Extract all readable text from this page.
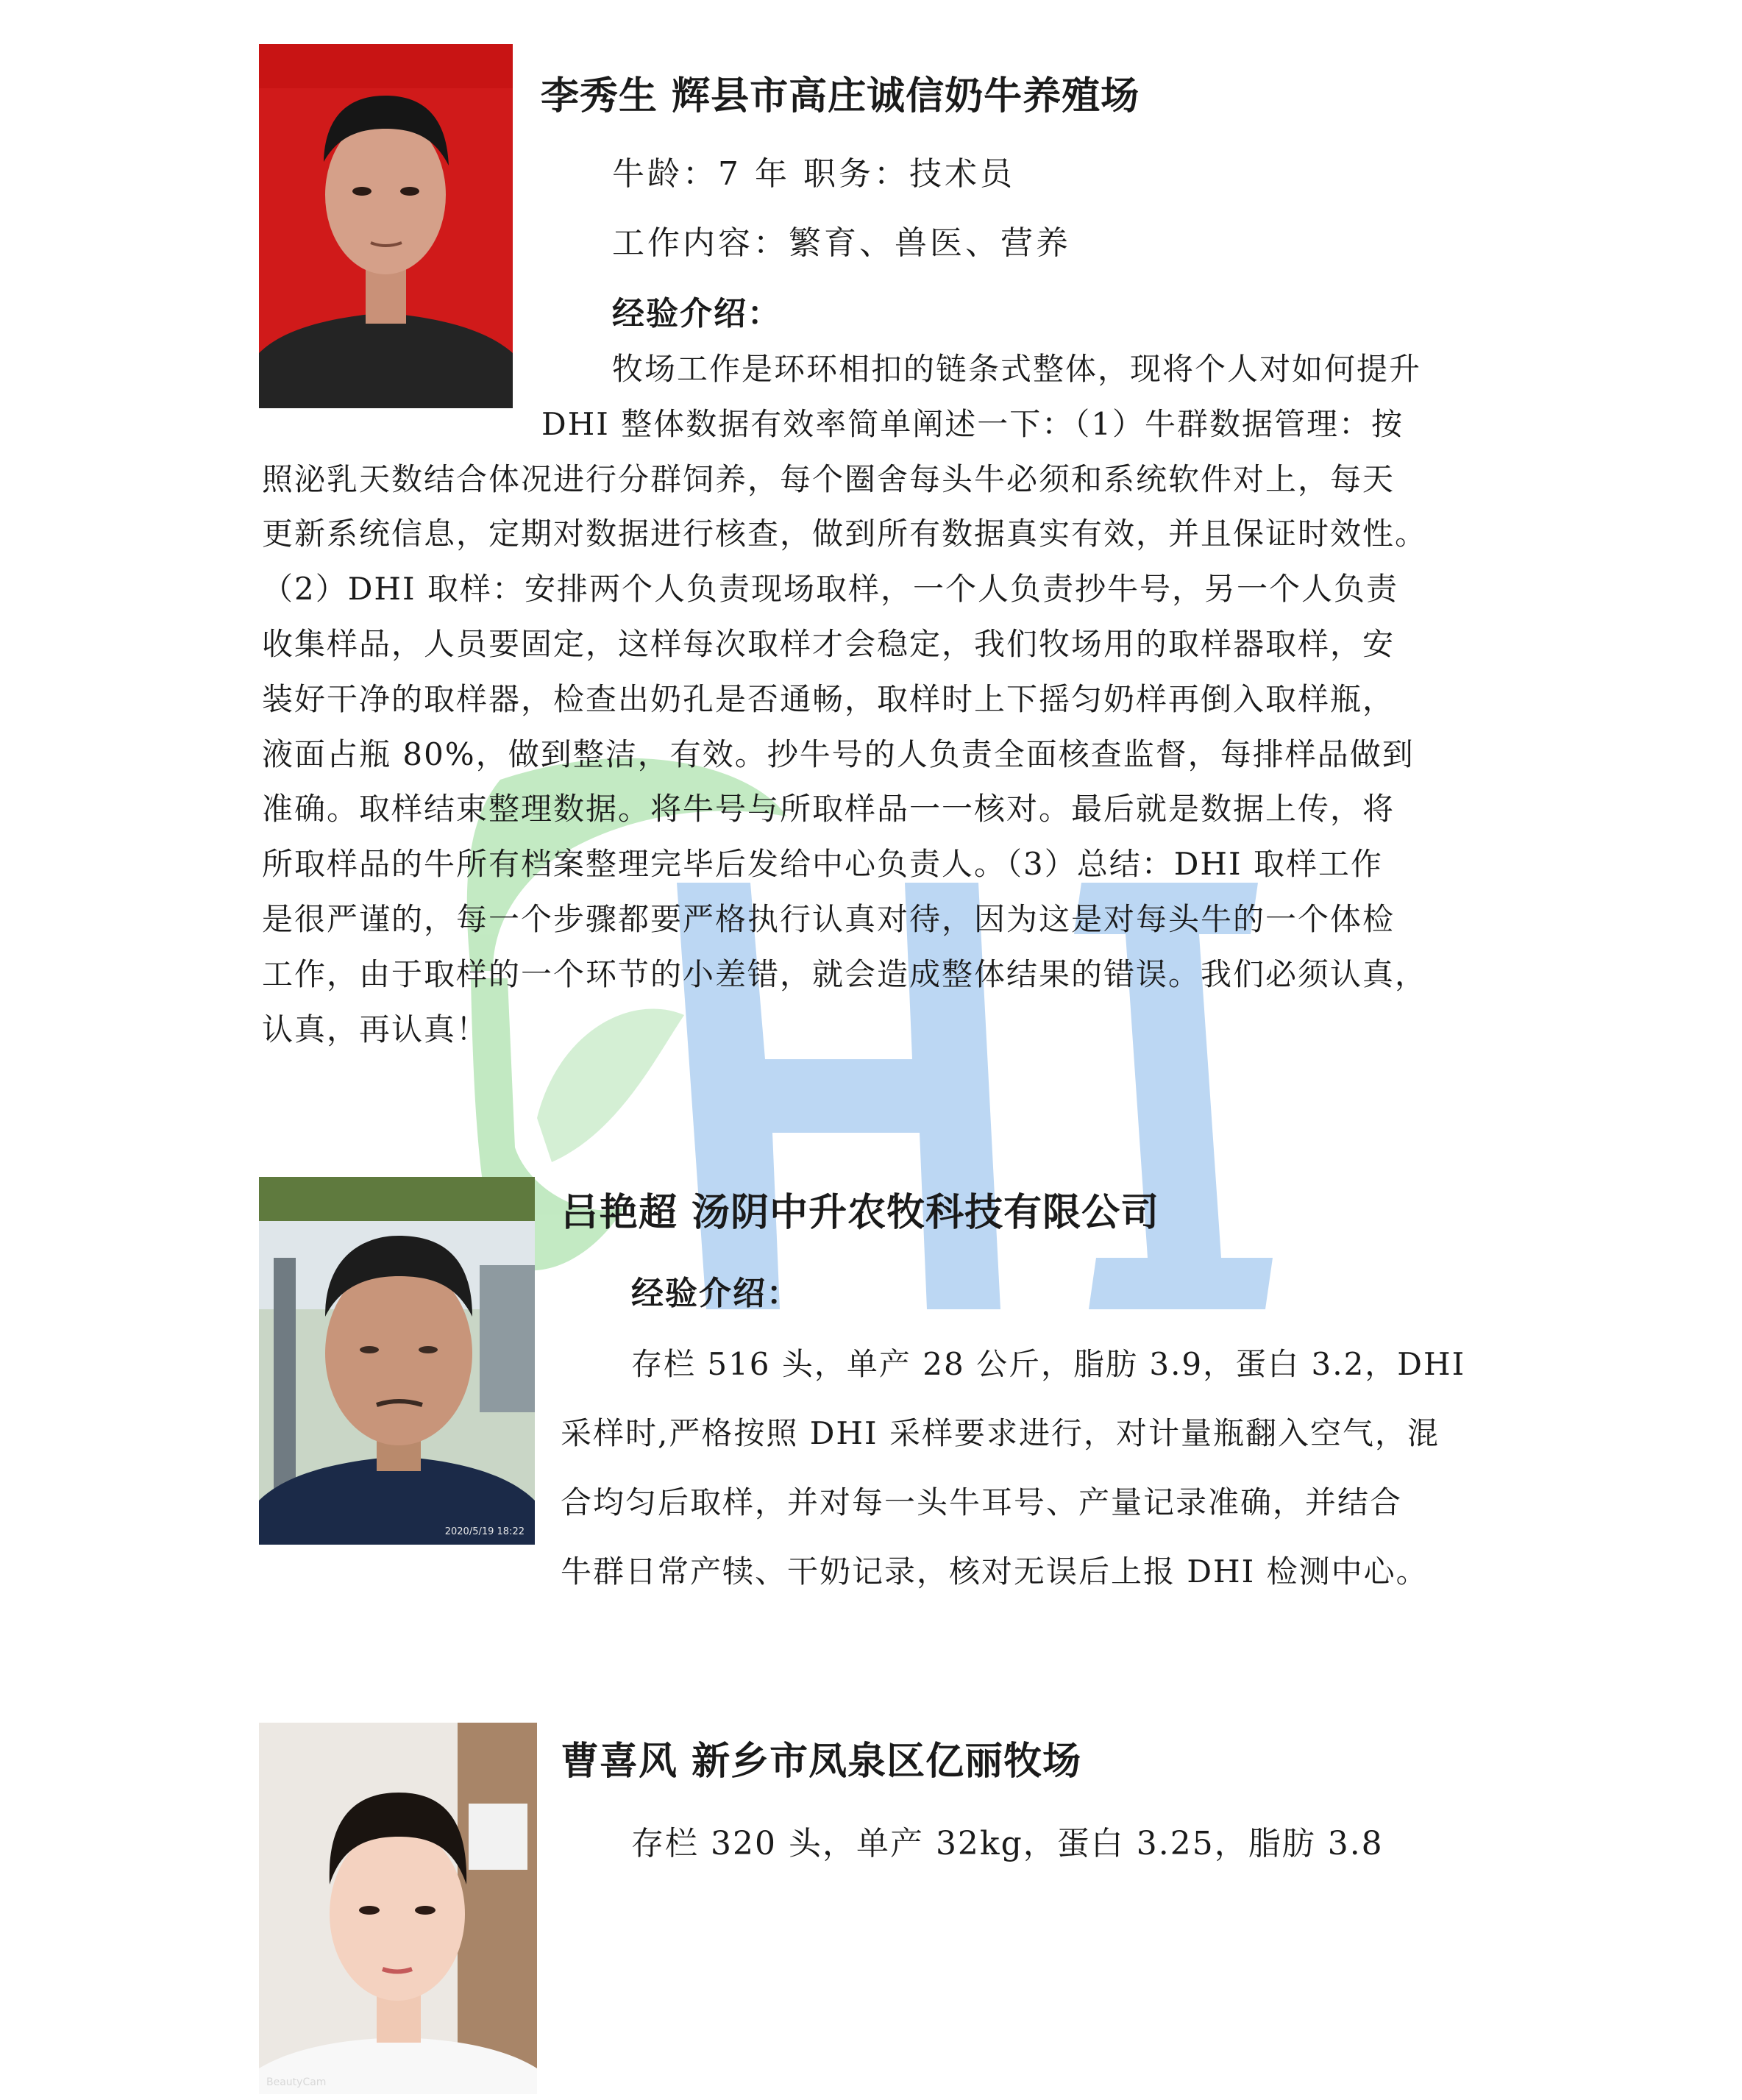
李秀生 辉县市高庄诚信奶牛养殖场

牛龄：7 年 职务：技术员

工作内容：繁育、兽医、营养

经验介绍：

牧场工作是环环相扣的链条式整体，现将个人对如何提升
DHI 整体数据有效率简单阐述一下：（1）牛群数据管理：按
照泌乳天数结合体况进行分群饲养，每个圈舍每头牛必须和系统软件对上，每天
更新系统信息，定期对数据进行核查，做到所有数据真实有效，并且保证时效性。
（2）DHI 取样：安排两个人负责现场取样，一个人负责抄牛号，另一个人负责
收集样品，人员要固定，这样每次取样才会稳定，我们牧场用的取样器取样，安
装好干净的取样器，检查出奶孔是否通畅，取样时上下摇匀奶样再倒入取样瓶，
液面占瓶 80%，做到整洁，有效。抄牛号的人负责全面核查监督，每排样品做到
准确。取样结束整理数据。将牛号与所取样品一一核对。最后就是数据上传，将
所取样品的牛所有档案整理完毕后发给中心负责人。（3）总结：DHI 取样工作
是很严谨的，每一个步骤都要严格执行认真对待，因为这是对每头牛的一个体检
工作，由于取样的一个环节的小差错，就会造成整体结果的错误。我们必须认真，
认真，再认真！
2020/5/19 18:22
吕艳超 汤阴中升农牧科技有限公司

经验介绍：

存栏 516 头，单产 28 公斤，脂肪 3.9，蛋白 3.2，DHI
采样时,严格按照 DHI 采样要求进行，对计量瓶翻入空气，混
合均匀后取样，并对每一头牛耳号、产量记录准确，并结合
牛群日常产犊、干奶记录，核对无误后上报 DHI 检测中心。
BeautyCam
曹喜风 新乡市凤泉区亿丽牧场

存栏 320 头，单产 32kg，蛋白 3.25，脂肪 3.8
